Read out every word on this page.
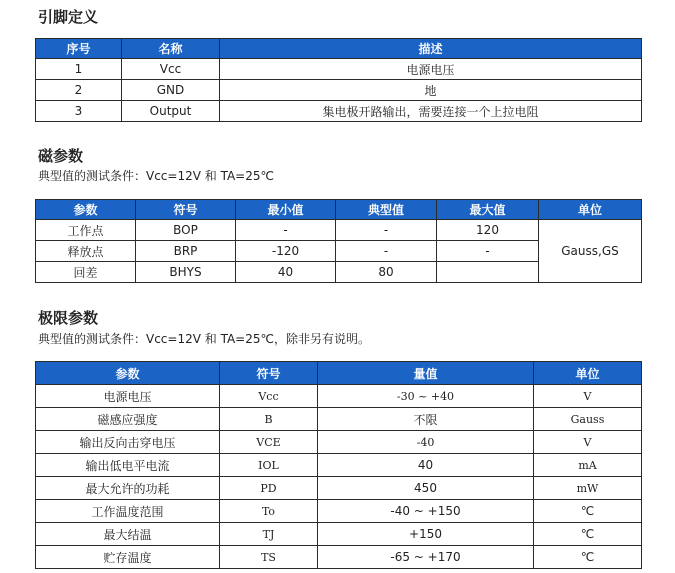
引脚定义
序号	名称	描述
1	Vcc	电源电压
2	GND	地
3	Output	集电极开路输出，需要连接一个上拉电阻
磁参数
典型值的测试条件：Vcc=12V 和 TA=25℃
参数	符号	最小值	典型值	最大值	单位
工作点	BOP	-	-	120	Gauss,GS
释放点	BRP	-120	-	-	
回差	BHYS	40	80		
极限参数
典型值的测试条件：Vcc=12V 和 TA=25℃，除非另有说明。
参数	符号	量值	单位
电源电压	Vcc	-30 ~ +40	V
磁感应强度	B	不限	Gauss
输出反向击穿电压	VCE	-40	V
输出低电平电流	IOL	40	mA
最大允许的功耗	PD	450	mW
工作温度范围	To	-40 ~ +150	℃
最大结温	TJ	+150	℃
贮存温度	TS	-65 ~ +170	℃
